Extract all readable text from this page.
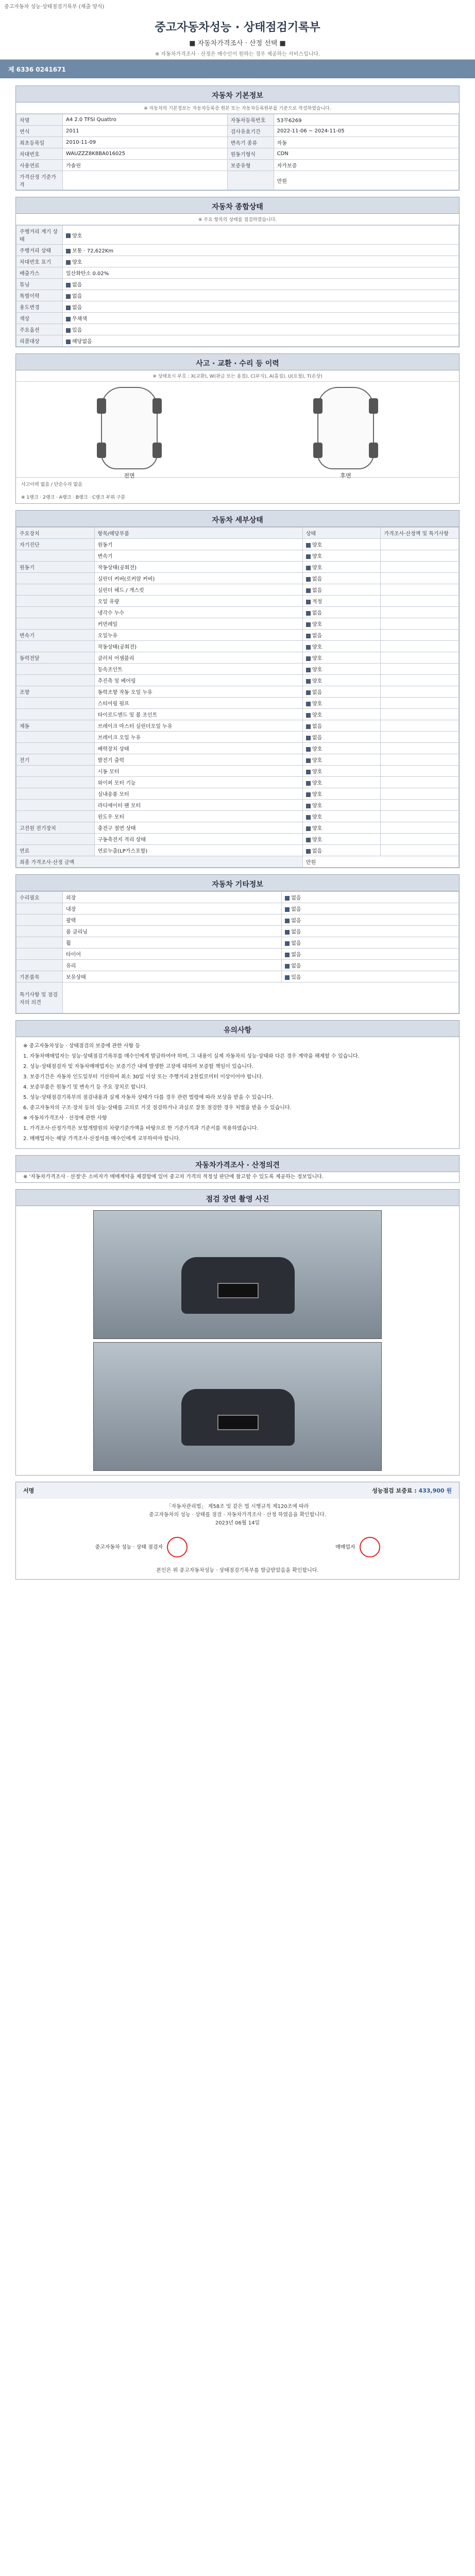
중고자동차 성능·상태점검기록부 (제출 양식)
중고자동차성능 · 상태점검기록부
■ 자동차가격조사 · 산정 선택 ■
※ 자동차가격조사 · 산정은 매수인이 원하는 경우 제공하는 서비스입니다.
제 6336 0241671
자동차 기본정보
※ 자동차의 기본정보는 자동차등록증 원본 또는 자동차등록원부를 기준으로 작성하였습니다.
차명	A4 2.0 TFSI Quattro	자동차등록번호	53무6269
연식	2011	검사유효기간	2022-11-06 ~ 2024-11-05
최초등록일	2010-11-09	변속기 종류	자동
차대번호	WAUZZZ8K8BA016025	원동기형식	CDN
사용연료	가솔린	보증유형	자가보증
가격산정 기준가격			만원
자동차 종합상태
※ 주요 항목의 상태를 점검하였습니다.
주행거리 계기 상태	양호
주행거리 상태	보통 · 72,622Km
차대번호 표기	양호
배출가스	일산화탄소 0.02%
튜닝	없음
특별이력	없음
용도변경	없음
색상	무채색
주요옵션	있음
리콜대상	해당없음
사고 · 교환 · 수리 등 이력
※ 상태표시 부호 : X(교환), W(판금 또는 용접), C(부식), A(흠집), U(요철), T(손상)
전면	후면
사고이력 없음 / 단순수리 없음
※ 1랭크 · 2랭크 · A랭크 · B랭크 · C랭크 부위 구분
자동차 세부상태
주요장치	항목/해당부품	상태	가격조사·산정액 및 특기사항
자기진단	원동기	양호	
	변속기	양호	
원동기	작동상태(공회전)	양호	
	실린더 커버(로커암 커버)	없음	
	실린더 헤드 / 개스킷	없음	
	오일 유량	적정	
	냉각수 누수	없음	
	커먼레일	양호	
변속기	오일누유	없음	
	작동상태(공회전)	양호	
동력전달	클러치 어셈블리	양호	
	등속조인트	양호	
	추진축 및 베어링	양호	
조향	동력조향 작동 오일 누유	없음	
	스티어링 펌프	양호	
	타이로드엔드 및 볼 조인트	양호	
제동	브레이크 마스터 실린더오일 누유	없음	
	브레이크 오일 누유	없음	
	배력장치 상태	양호	
전기	발전기 출력	양호	
	시동 모터	양호	
	와이퍼 모터 기능	양호	
	실내송풍 모터	양호	
	라디에이터 팬 모터	양호	
	윈도우 모터	양호	
고전원 전기장치	충전구 절연 상태	양호	
	구동축전지 격리 상태	양호	
연료	연료누출(LP가스포함)	없음	
최종 가격조사·산정 금액		만원	
자동차 기타정보
수리필요	외장	없음
	내장	없음
	광택	없음
	룸 클리닝	없음
	휠	없음
	타이어	없음
	유리	없음
기본품목	보유상태	있음
특기사항 및 점검자의 의견		
유의사항

※ 중고자동차성능 · 상태점검의 보증에 관한 사항 등

1. 자동차매매업자는 성능·상태점검기록부를 매수인에게 발급하여야 하며, 그 내용이 실제 자동차의 성능·상태와 다른 경우 계약을 해제할 수 있습니다.

2. 성능·상태점검자 및 자동차매매업자는 보증기간 내에 발생한 고장에 대하여 보증할 책임이 있습니다.

3. 보증기간은 자동차 인도일부터 기산하여 최소 30일 이상 또는 주행거리 2천킬로미터 이상이어야 합니다.

4. 보증부품은 원동기 및 변속기 등 주요 장치로 합니다.

5. 성능·상태점검기록부의 점검내용과 실제 자동차 상태가 다를 경우 관련 법령에 따라 보상을 받을 수 있습니다.

6. 중고자동차의 구조·장치 등의 성능·상태를 고의로 거짓 점검하거나 과실로 잘못 점검한 경우 처벌을 받을 수 있습니다.

※ 자동차가격조사 · 산정에 관한 사항

1. 가격조사·산정가격은 보험개발원의 차량기준가액을 바탕으로 한 기준가격과 기준서를 적용하였습니다.

2. 매매업자는 해당 가격조사·산정서를 매수인에게 교부하여야 합니다.

자동차가격조사 · 산정의견

※ '자동차가격조사 · 산정'은 소비자가 매매계약을 체결함에 있어 중고차 가격의 적정성 판단에 참고할 수 있도록 제공하는 정보입니다.

점검 장면 촬영 사진
서명	성능점검 보증료 : 433,900 원
「자동차관리법」 제58조 및 같은 법 시행규칙 제120조에 따라
중고자동차의 성능 · 상태를 점검 · 자동차가격조사 · 산정 하였음을 확인합니다.
2023년 06월 14일
중고자동차 성능 · 상태 점검자	매매업자
본인은 위 중고자동차성능 · 상태점검기록부를 발급받았음을 확인합니다.
